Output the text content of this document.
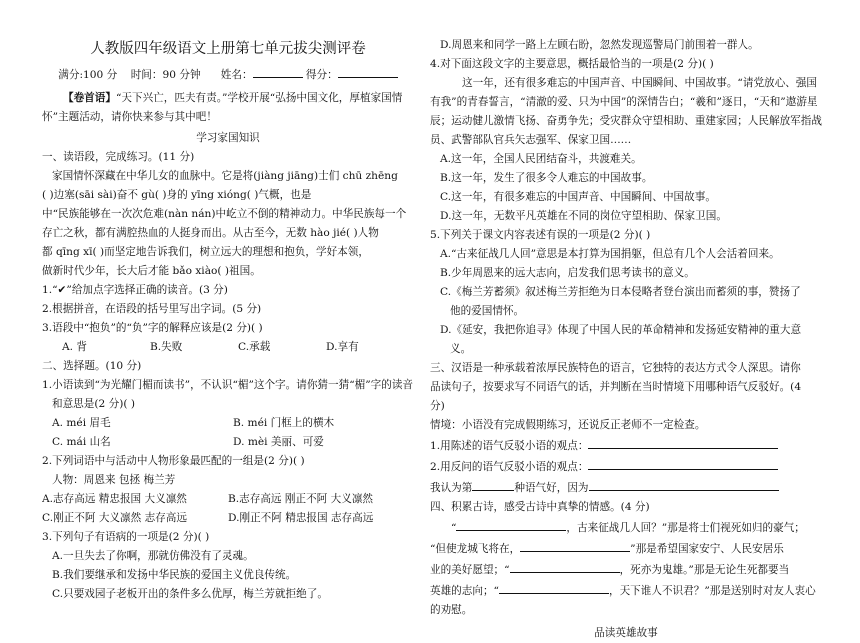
人教版四年级语文上册第七单元拔尖测评卷
满分:100 分 时间：90 分钟 姓名：	得分：
【卷首语】“天下兴亡，匹夫有责。”学校开展“弘扬中国文化，厚植家国情怀”主题活动，请你快来参与其中吧！
学习家国知识
一、读语段，完成练习。(11 分)
家国情怀深藏在中华儿女的血脉中。它是将(jiàng jiāng)士们 chū zhēng
( )边塞(sāi sài)奋不 gù( )身的 yīng xióng( )气概，也是
中“民族能够在一次次危难(nàn nán)中屹立不倒的精神动力。中华民族每一个
存亡之秋，都有满腔热血的人挺身而出。从古至今，无数 hào jié( )人物
都 qīng xī( )而坚定地告诉我们，树立远大的理想和抱负，学好本领，
做新时代少年，长大后才能 bǎo xiào( )祖国。
1.“✔”给加点字选择正确的读音。(3 分)
2.根据拼音，在语段的括号里写出字词。(5 分)
3.语段中“抱负”的“负”字的解释应该是(2 分)( )
A. 背	B.失败	C.承载	D.享有
二、选择题。(10 分)
1.小语读到“为光耀门楣而读书”，不认识“楣”这个字。请你猜一猜“楣”字的读音和意思是(2 分)( )
A. méi 眉毛	B. méi 门框上的横木
C. mái 山名	D. mèi 美丽、可爱
2.下列词语中与活动中人物形象最匹配的一组是(2 分)( )
人物：周恩来 包拯 梅兰芳
A.志存高远 精忠报国 大义凛然	B.志存高远 刚正不阿 大义凛然
C.刚正不阿 大义凛然 志存高远	D.刚正不阿 精忠报国 志存高远
3.下列句子有语病的一项是(2 分)( )
A.一旦失去了你啊，那就仿佛没有了灵魂。
B.我们要继承和发扬中华民族的爱国主义优良传统。
C.只要戏园子老板开出的条件多么优厚，梅兰芳就拒绝了。
D.周恩来和同学一路上左顾右盼，忽然发现巡警局门前围着一群人。
4.对下面这段文字的主要意思，概括最恰当的一项是(2 分)( )
这一年，还有很多难忘的中国声音、中国瞬间、中国故事。“请党放心、强国有我”的青春誓言，“清澈的爱、只为中国”的深情告白；“羲和”逐日，“天和”遨游星辰；运动健儿激情飞扬、奋勇争先；受灾群众守望相助、重建家园；人民解放军指战员、武警部队官兵矢志强军、保家卫国……
A.这一年，全国人民团结奋斗，共渡难关。
B.这一年，发生了很多令人难忘的中国故事。
C.这一年，有很多难忘的中国声音、中国瞬间、中国故事。
D.这一年，无数平凡英雄在不同的岗位守望相助、保家卫国。
5.下列关于课文内容表述有误的一项是(2 分)( )
A.“古来征战几人回”意思是本打算为国捐躯，但总有几个人会活着回来。
B.少年周恩来的远大志向，启发我们思考读书的意义。
C.《梅兰芳蓄须》叙述梅兰芳拒绝为日本侵略者登台演出而蓄须的事，赞扬了
他的爱国情怀。
D.《延安，我把你追寻》体现了中国人民的革命精神和发扬延安精神的重大意
义。
三、汉语是一种承载着浓厚民族特色的语言，它独特的表达方式令人深思。请你
品读句子，按要求写不同语气的话，并判断在当时情境下用哪种语气反驳好。(4
分)
情境：小语没有完成假期练习，还说反正老师不一定检查。
1.用陈述的语气反驳小语的观点：
2.用反问的语气反驳小语的观点：
我认为第	种语气好，因为
四、积累古诗，感受古诗中真挚的情感。(4 分)
“	，古来征战几人回？”那是将士们视死如归的豪气；
“但使龙城飞将在，	”那是希望国家安宁、人民安居乐
业的美好愿望；“	，死亦为鬼雄。”那是无论生死都要当
英雄的志向；“	，天下谁人不识君？”那是送别时对友人衷心
的劝慰。
品读英雄故事
